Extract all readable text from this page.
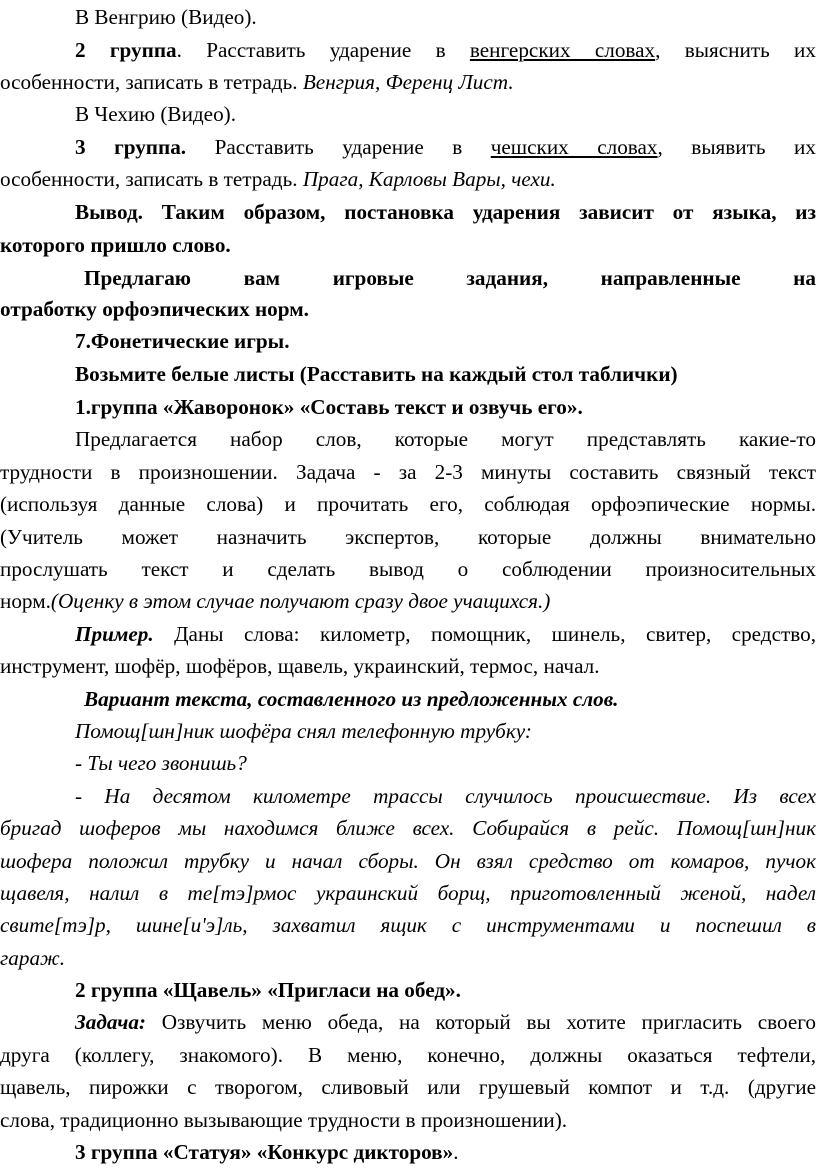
В Венгрию (Видео).
2 группа. Расставить ударение в венгерских словах, выяснить их
особенности, записать в тетрадь. Венгрия, Ференц Лист.
В Чехию (Видео).
3 группа. Расставить ударение в чешских словах, выявить их
особенности, записать в тетрадь. Прага, Карловы Вары, чехи.
Вывод. Таким образом, постановка ударения зависит от языка, из
которого пришло слово.
Предлагаю вам игровые задания, направленные на
отработку орфоэпических норм.
7.Фонетические игры.
Возьмите белые листы (Расставить на каждый стол таблички)
1.группа «Жаворонок» «Составь текст и озвучь его».
Предлагается набор слов, которые могут представлять какие-то
трудности в произношении. Задача - за 2-3 минуты составить связный текст
(используя данные слова) и прочитать его, соблюдая орфоэпические нормы.
(Учитель может назначить экспертов, которые должны внимательно
прослушать текст и сделать вывод о соблюдении произносительных
норм.(Оценку в этом случае получают сразу двое учащихся.)
Пример. Даны слова: километр, помощник, шинель, свитер, средство,
инструмент, шофёр, шофёров, щавель, украинский, термос, начал.
Вариант текста, составленного из предложенных слов.
Помощ[шн]ник шофёра снял телефонную трубку:
- Ты чего звонишь?
- На десятом километре трассы случилось происшествие. Из всех
бригад шоферов мы находимся ближе всех. Собирайся в рейс. Помощ[шн]ник
шофера положил трубку и начал сборы. Он взял средство от комаров, пучок
щавеля, налил в те[тэ]рмос украинский борщ, приготовленный женой, надел
свите[тэ]р, шине[и'э]ль, захватил ящик с инструментами и поспешил в
гараж.
2 группа «Щавель» «Пригласи на обед».
Задача: Озвучить меню обеда, на который вы хотите пригласить своего
друга (коллегу, знакомого). В меню, конечно, должны оказаться тефтели,
щавель, пирожки с творогом, сливовый или грушевый компот и т.д. (другие
слова, традиционно вызывающие трудности в произношении).
3 группа «Статуя» «Конкурс дикторов».
